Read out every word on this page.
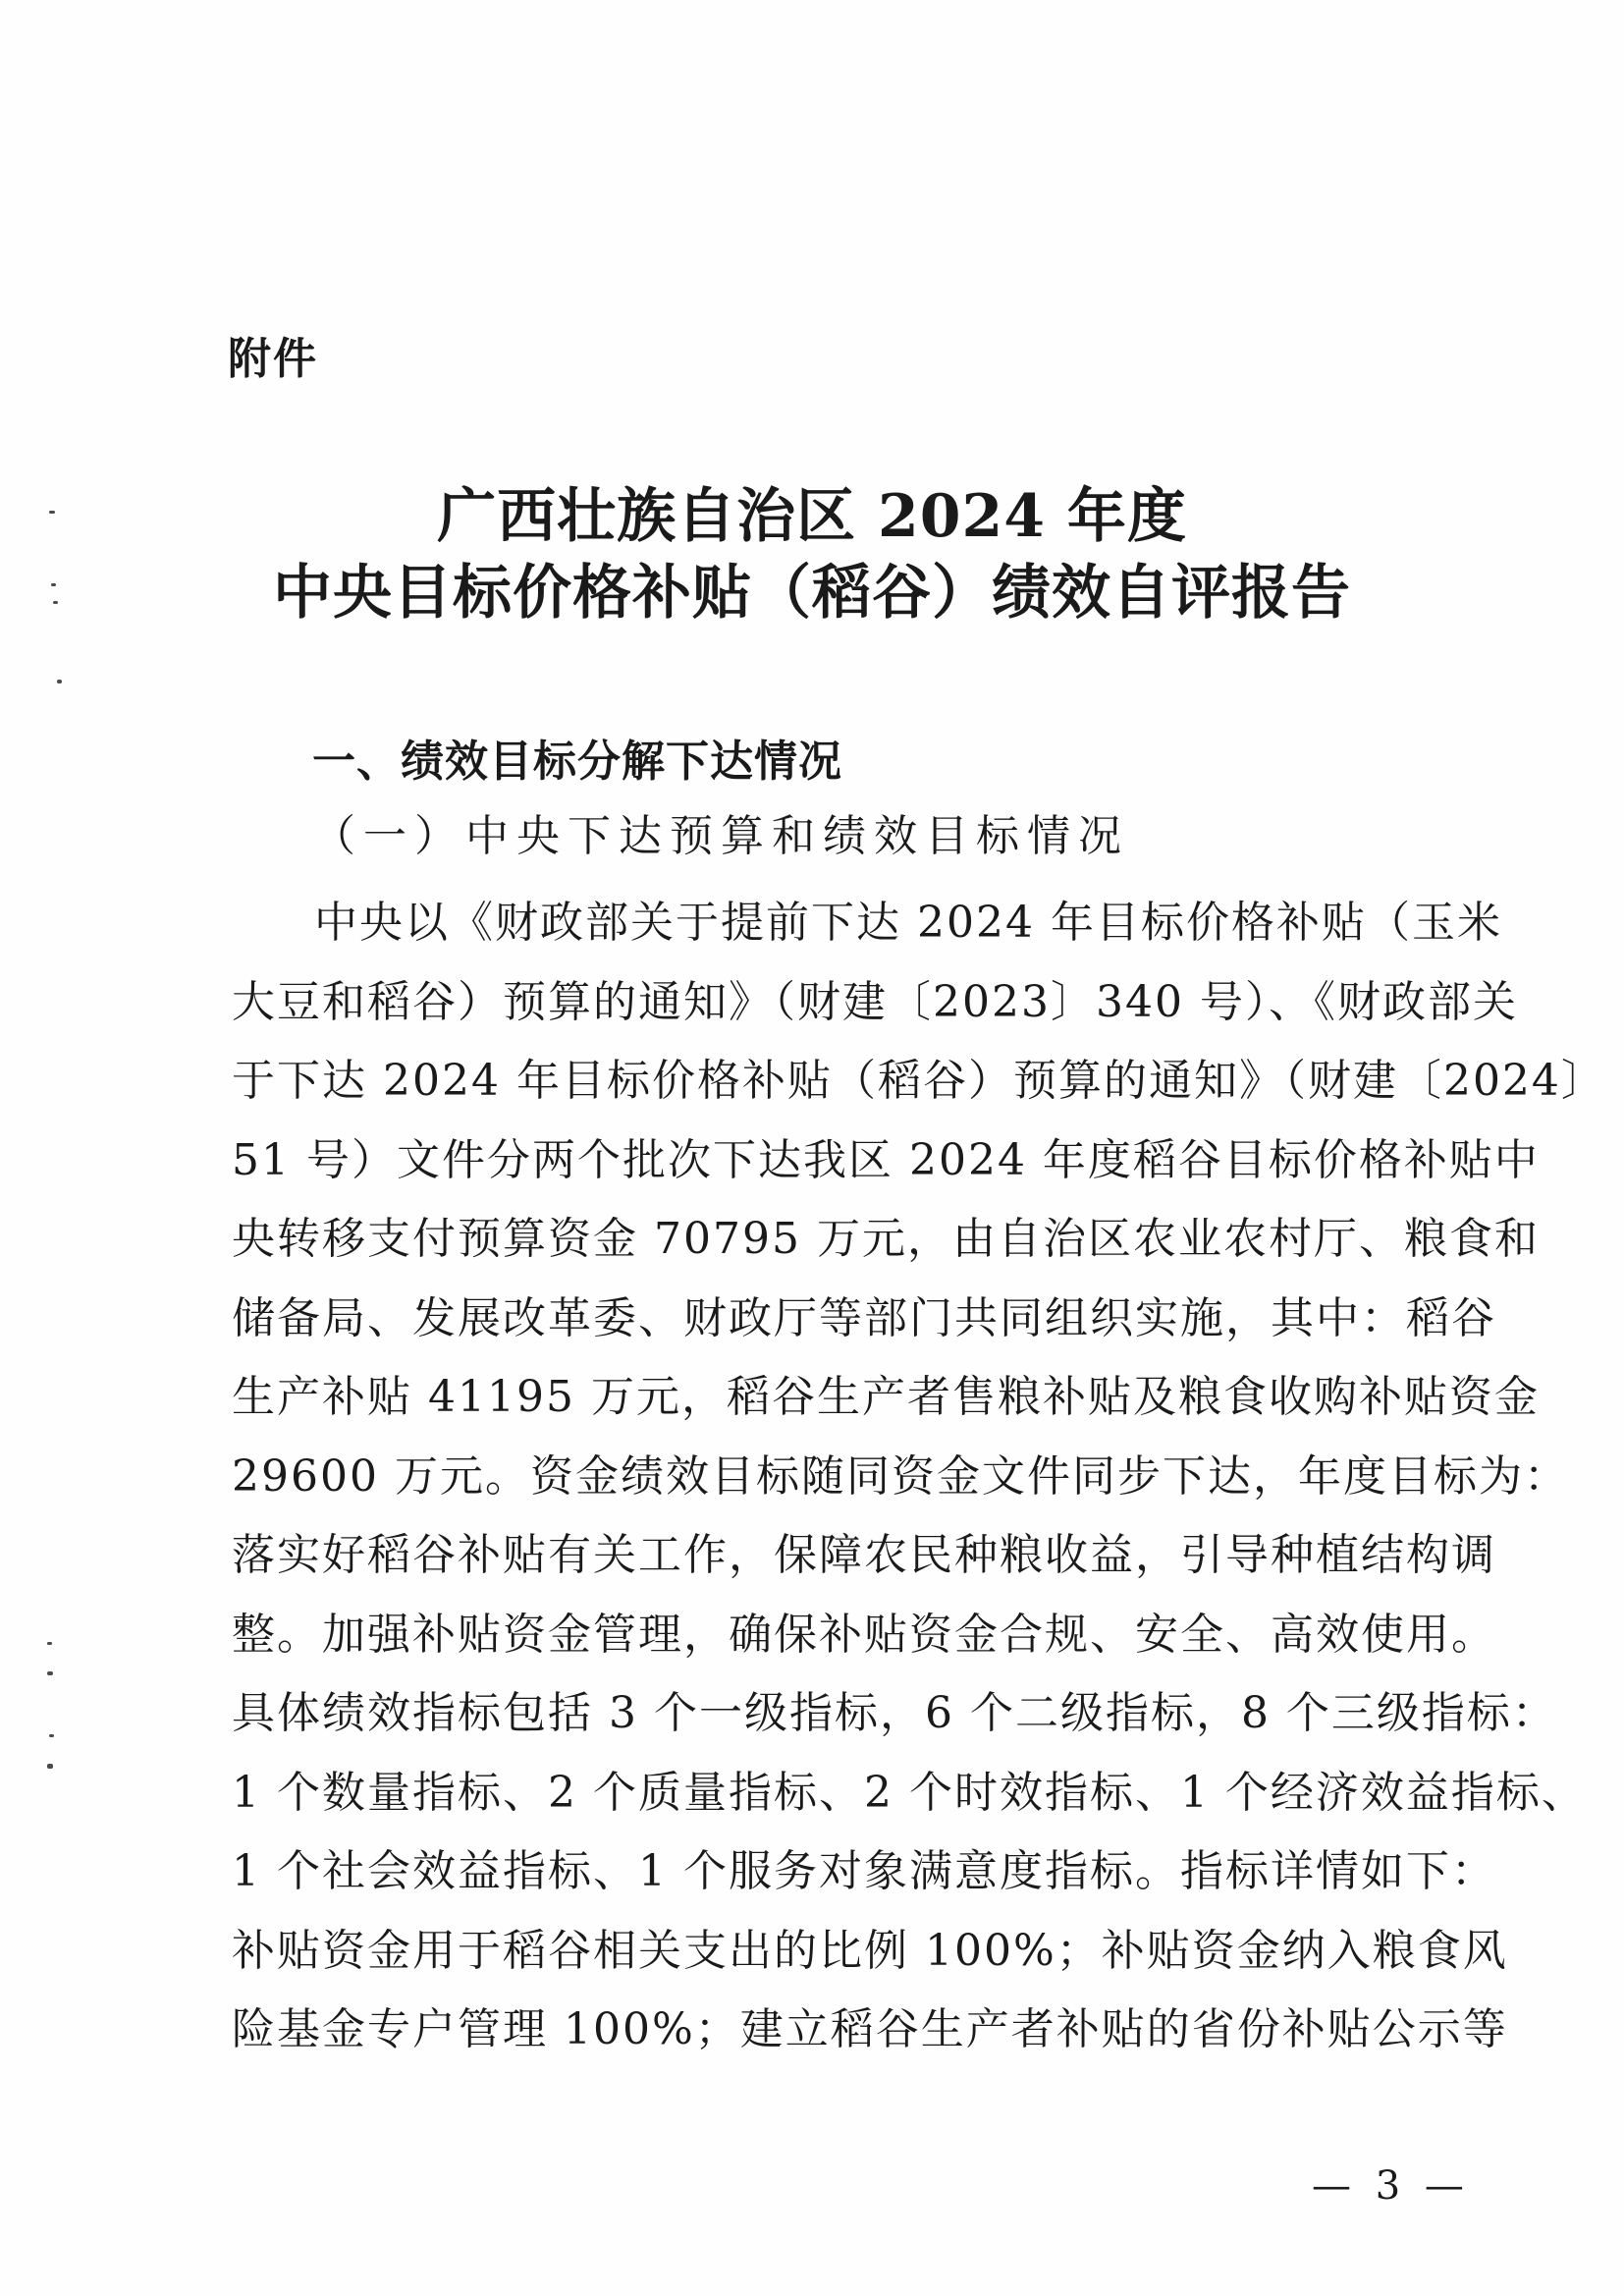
附件
广西壮族自治区 2024 年度
中央目标价格补贴（稻谷）绩效自评报告
一、绩效目标分解下达情况
（一）中央下达预算和绩效目标情况
中央以《财政部关于提前下达 2024 年目标价格补贴（玉米
大豆和稻谷）预算的通知》（财建〔2023〕340 号）、《财政部关
于下达 2024 年目标价格补贴（稻谷）预算的通知》（财建〔2024〕
51 号）文件分两个批次下达我区 2024 年度稻谷目标价格补贴中
央转移支付预算资金 70795 万元，由自治区农业农村厅、粮食和
储备局、发展改革委、财政厅等部门共同组织实施，其中：稻谷
生产补贴 41195 万元，稻谷生产者售粮补贴及粮食收购补贴资金
29600 万元。资金绩效目标随同资金文件同步下达，年度目标为：
落实好稻谷补贴有关工作，保障农民种粮收益，引导种植结构调
整。加强补贴资金管理，确保补贴资金合规、安全、高效使用。
具体绩效指标包括 3 个一级指标，6 个二级指标，8 个三级指标：
1 个数量指标、2 个质量指标、2 个时效指标、1 个经济效益指标、
1 个社会效益指标、1 个服务对象满意度指标。指标详情如下：
补贴资金用于稻谷相关支出的比例 100%；补贴资金纳入粮食风
险基金专户管理 100%；建立稻谷生产者补贴的省份补贴公示等
— 3 —
